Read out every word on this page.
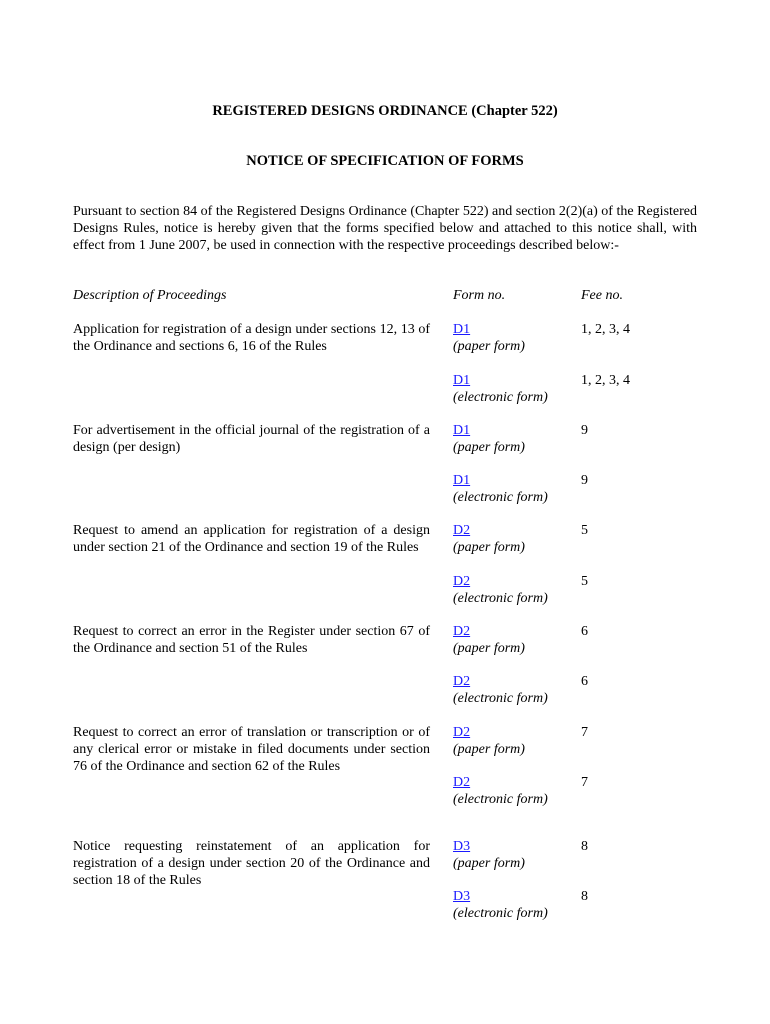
REGISTERED DESIGNS ORDINANCE (Chapter 522)

NOTICE OF SPECIFICATION OF FORMS

Pursuant to section 84 of the Registered Designs Ordinance (Chapter 522) and section 2(2)(a) of the Registered Designs Rules, notice is hereby given that the forms specified below and attached to this notice shall, with effect from 1 June 2007, be used in connection with the respective proceedings described below:-

Description of Proceedings	Form no.	Fee no.

Application for registration of a design under sections 12, 13 of the Ordinance and sections 6, 16 of the Rules

D1
(paper form)
1, 2, 3, 4
D1
(electronic form)
1, 2, 3, 4

For advertisement in the official journal of the registration of a design (per design)

D1
(paper form)
9
D1
(electronic form)
9

Request to amend an application for registration of a design under section 21 of the Ordinance and section 19 of the Rules

D2
(paper form)
5
D2
(electronic form)
5

Request to correct an error in the Register under section 67 of the Ordinance and section 51 of the Rules

D2
(paper form)
6
D2
(electronic form)
6

Request to correct an error of translation or transcription or of any clerical error or mistake in filed documents under section 76 of the Ordinance and section 62 of the Rules

D2
(paper form)
7
D2
(electronic form)
7

Notice requesting reinstatement of an application for registration of a design under section 20 of the Ordinance and section 18 of the Rules

D3
(paper form)
8
D3
(electronic form)
8
